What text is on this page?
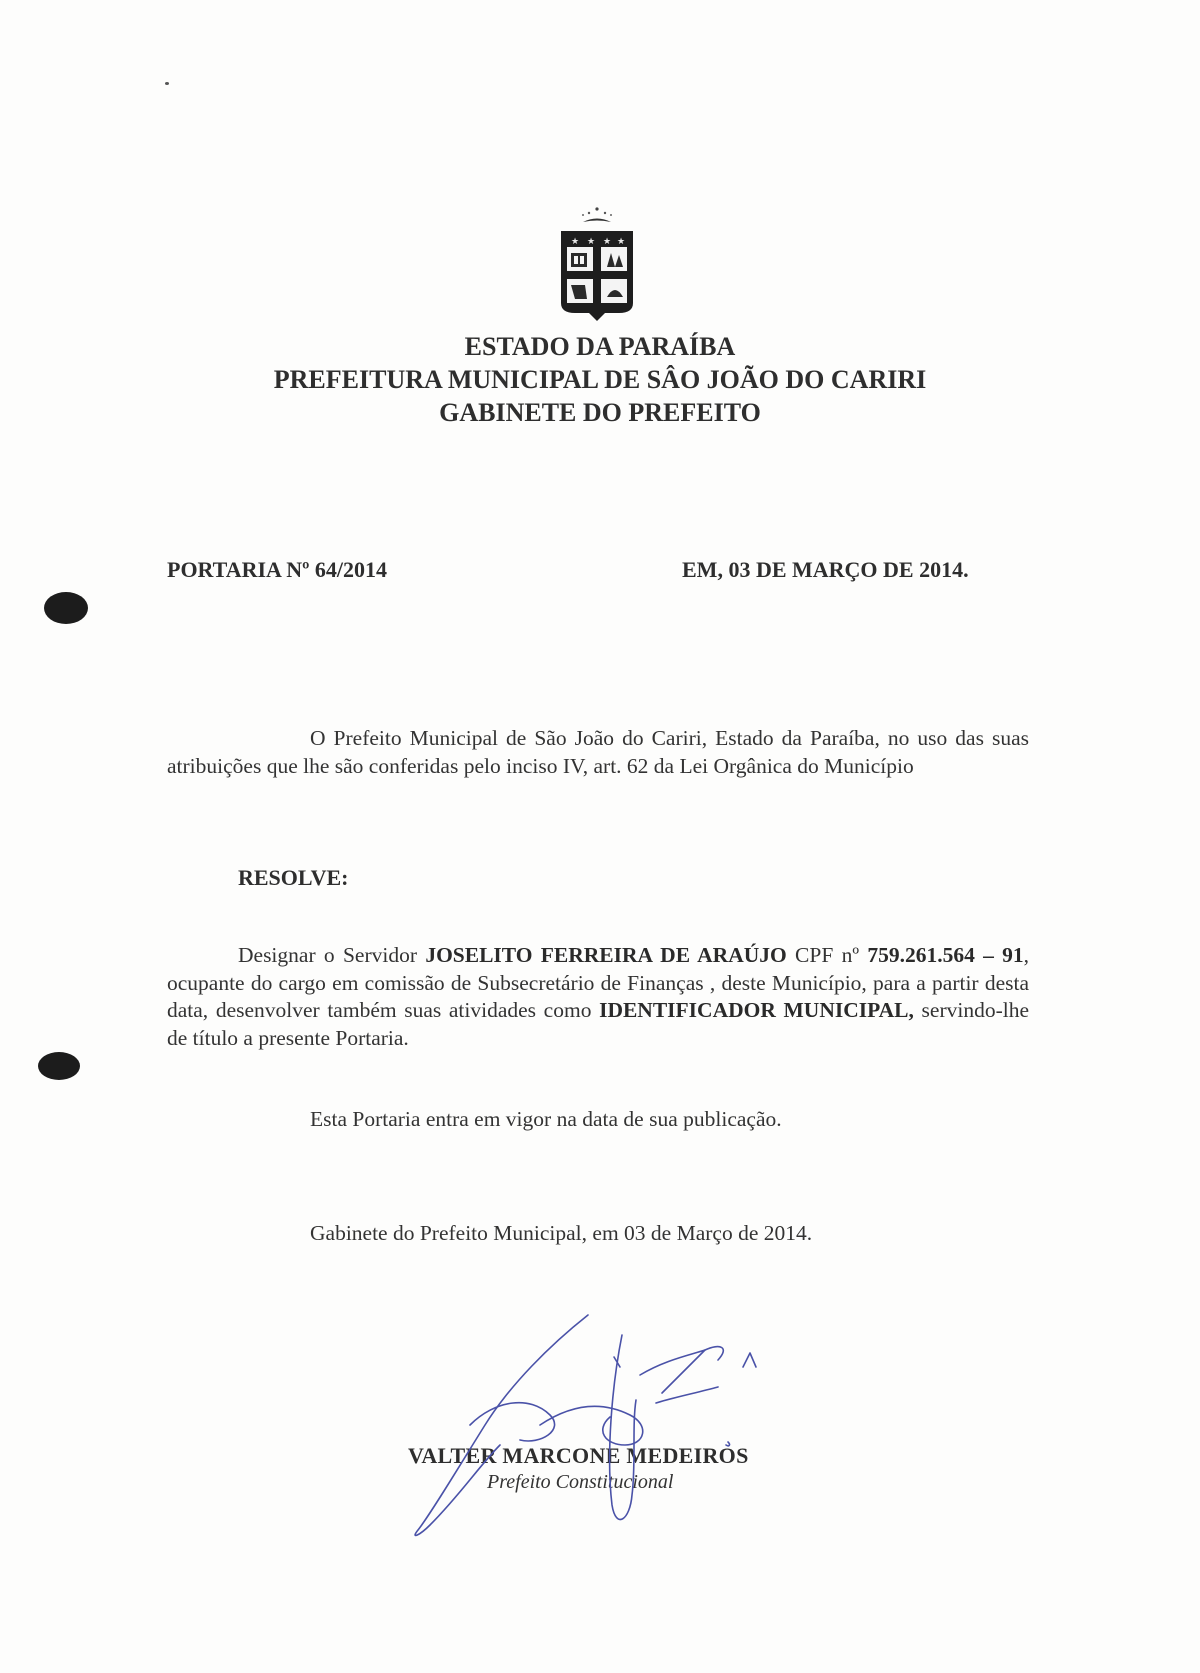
★ ★ ★ ★
ESTADO DA PARAÍBA
PREFEITURA MUNICIPAL DE SÂO JOÃO DO CARIRI
GABINETE DO PREFEITO
PORTARIA Nº 64/2014	EM, 03 DE MARÇO DE 2014.
O Prefeito Municipal de São João do Cariri, Estado da Paraíba, no uso das suas atribuições que lhe são conferidas pelo inciso IV, art. 62 da Lei Orgânica do Município
RESOLVE:
Designar o Servidor JOSELITO FERREIRA DE ARAÚJO CPF nº 759.261.564 – 91, ocupante do cargo em comissão de Subsecretário de Finanças , deste Município, para a partir desta data, desenvolver também suas atividades como IDENTIFICADOR MUNICIPAL, servindo-lhe de título a presente Portaria.
Esta Portaria entra em vigor na data de sua publicação.
Gabinete do Prefeito Municipal, em 03 de Março de 2014.
VALTER MARCONE MEDEIROS
Prefeito Constitucional
